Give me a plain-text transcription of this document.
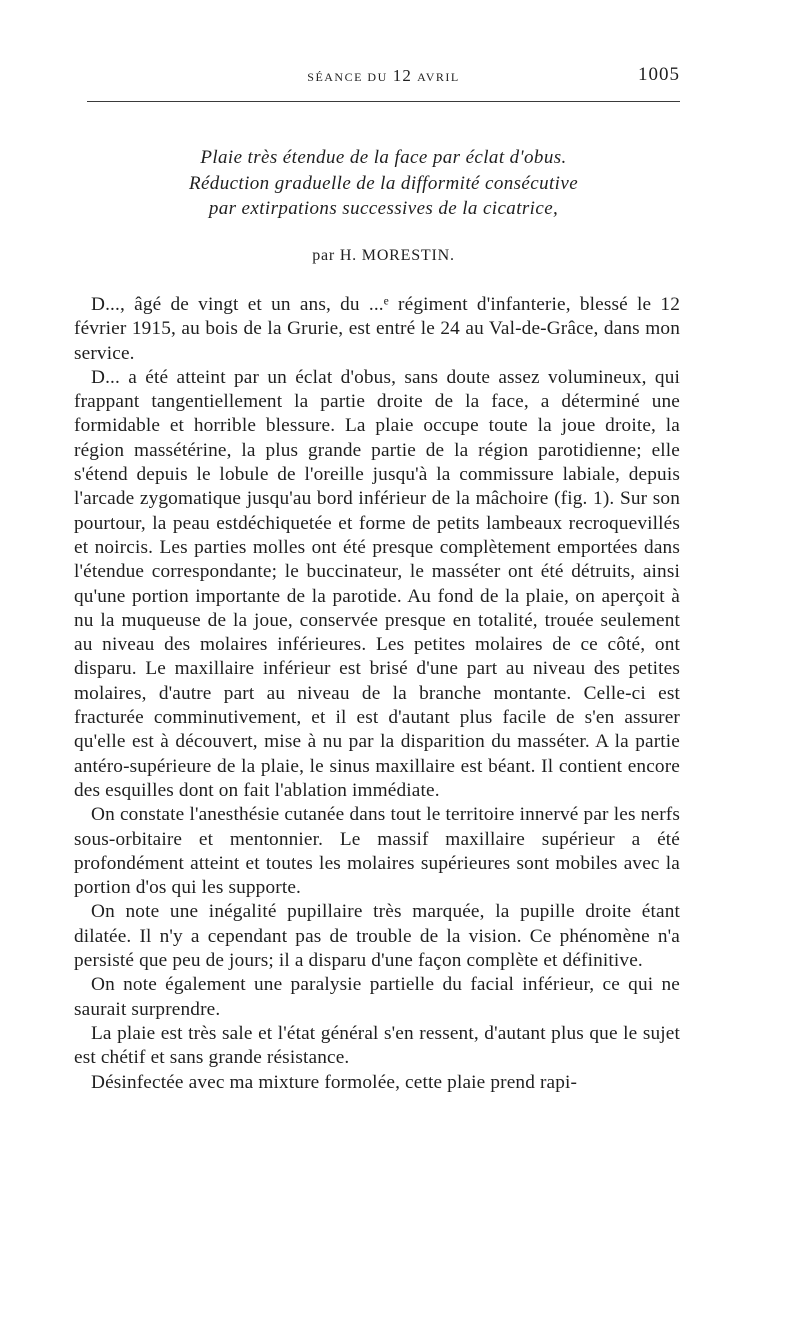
SÉANCE DU 12 AVRIL	1005
Plaie très étendue de la face par éclat d'obus.
Réduction graduelle de la difformité consécutive
par extirpations successives de la cicatrice,
par H. MORESTIN.

D..., âgé de vingt et un ans, du ...ᵉ régiment d'infanterie, blessé le 12 février 1915, au bois de la Grurie, est entré le 24 au Val-de-Grâce, dans mon service.

D... a été atteint par un éclat d'obus, sans doute assez volumineux, qui frappant tangentiellement la partie droite de la face, a déterminé une formidable et horrible blessure. La plaie occupe toute la joue droite, la région massétérine, la plus grande partie de la région parotidienne; elle s'étend depuis le lobule de l'oreille jusqu'à la commissure labiale, depuis l'arcade zygomatique jusqu'au bord inférieur de la mâchoire (fig. 1). Sur son pourtour, la peau estdéchiquetée et forme de petits lambeaux recroquevillés et noircis. Les parties molles ont été presque complètement emportées dans l'étendue correspondante; le buccinateur, le masséter ont été détruits, ainsi qu'une portion importante de la parotide. Au fond de la plaie, on aperçoit à nu la muqueuse de la joue, conservée presque en totalité, trouée seulement au niveau des molaires inférieures. Les petites molaires de ce côté, ont disparu. Le maxillaire inférieur est brisé d'une part au niveau des petites molaires, d'autre part au niveau de la branche montante. Celle-ci est fracturée comminutivement, et il est d'autant plus facile de s'en assurer qu'elle est à découvert, mise à nu par la disparition du masséter. A la partie antéro-supérieure de la plaie, le sinus maxillaire est béant. Il contient encore des esquilles dont on fait l'ablation immédiate.

On constate l'anesthésie cutanée dans tout le territoire innervé par les nerfs sous-orbitaire et mentonnier. Le massif maxillaire supérieur a été profondément atteint et toutes les molaires supérieures sont mobiles avec la portion d'os qui les supporte.

On note une inégalité pupillaire très marquée, la pupille droite étant dilatée. Il n'y a cependant pas de trouble de la vision. Ce phénomène n'a persisté que peu de jours; il a disparu d'une façon complète et définitive.

On note également une paralysie partielle du facial inférieur, ce qui ne saurait surprendre.

La plaie est très sale et l'état général s'en ressent, d'autant plus que le sujet est chétif et sans grande résistance.

Désinfectée avec ma mixture formolée, cette plaie prend rapi-
